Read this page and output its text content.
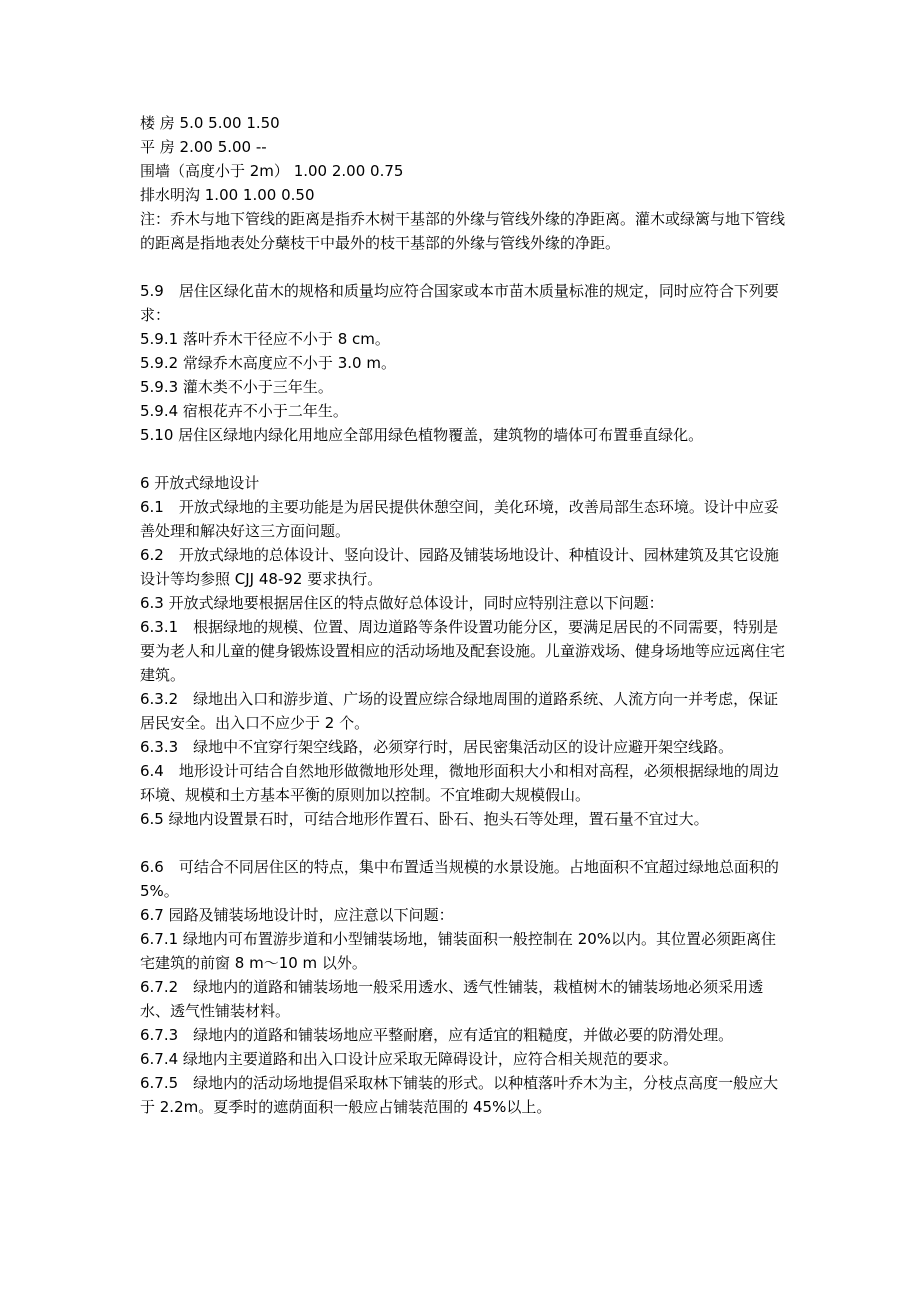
楼 房 5.0 5.00 1.50
平 房 2.00 5.00 --
围墙（高度小于 2m） 1.00 2.00 0.75
排水明沟 1.00 1.00 0.50

注：乔木与地下管线的距离是指乔木树干基部的外缘与管线外缘的净距离。灌木或绿篱与地下管线的距离是指地表处分蘖枝干中最外的枝干基部的外缘与管线外缘的净距。

5.9　居住区绿化苗木的规格和质量均应符合国家或本市苗木质量标准的规定，同时应符合下列要求：

5.9.1 落叶乔木干径应不小于 8 cm。

5.9.2 常绿乔木高度应不小于 3.0 m。

5.9.3 灌木类不小于三年生。

5.9.4 宿根花卉不小于二年生。

5.10 居住区绿地内绿化用地应全部用绿色植物覆盖，建筑物的墙体可布置垂直绿化。

6 开放式绿地设计

6.1　开放式绿地的主要功能是为居民提供休憩空间，美化环境，改善局部生态环境。设计中应妥善处理和解决好这三方面问题。

6.2　开放式绿地的总体设计、竖向设计、园路及铺装场地设计、种植设计、园林建筑及其它设施设计等均参照 CJJ 48-92 要求执行。

6.3 开放式绿地要根据居住区的特点做好总体设计，同时应特别注意以下问题：

6.3.1　根据绿地的规模、位置、周边道路等条件设置功能分区，要满足居民的不同需要，特别是要为老人和儿童的健身锻炼设置相应的活动场地及配套设施。儿童游戏场、健身场地等应远离住宅建筑。

6.3.2　绿地出入口和游步道、广场的设置应综合绿地周围的道路系统、人流方向一并考虑，保证居民安全。出入口不应少于 2 个。

6.3.3　绿地中不宜穿行架空线路，必须穿行时，居民密集活动区的设计应避开架空线路。

6.4　地形设计可结合自然地形做微地形处理，微地形面积大小和相对高程，必须根据绿地的周边环境、规模和土方基本平衡的原则加以控制。不宜堆砌大规模假山。

6.5 绿地内设置景石时，可结合地形作置石、卧石、抱头石等处理，置石量不宜过大。

6.6　可结合不同居住区的特点，集中布置适当规模的水景设施。占地面积不宜超过绿地总面积的 5%。

6.7 园路及铺装场地设计时，应注意以下问题：

6.7.1 绿地内可布置游步道和小型铺装场地，铺装面积一般控制在 20%以内。其位置必须距离住宅建筑的前窗 8 m～10 m 以外。

6.7.2　绿地内的道路和铺装场地一般采用透水、透气性铺装，栽植树木的铺装场地必须采用透水、透气性铺装材料。

6.7.3　绿地内的道路和铺装场地应平整耐磨，应有适宜的粗糙度，并做必要的防滑处理。

6.7.4 绿地内主要道路和出入口设计应采取无障碍设计，应符合相关规范的要求。

6.7.5　绿地内的活动场地提倡采取林下铺装的形式。以种植落叶乔木为主，分枝点高度一般应大于 2.2m。夏季时的遮荫面积一般应占铺装范围的 45%以上。
